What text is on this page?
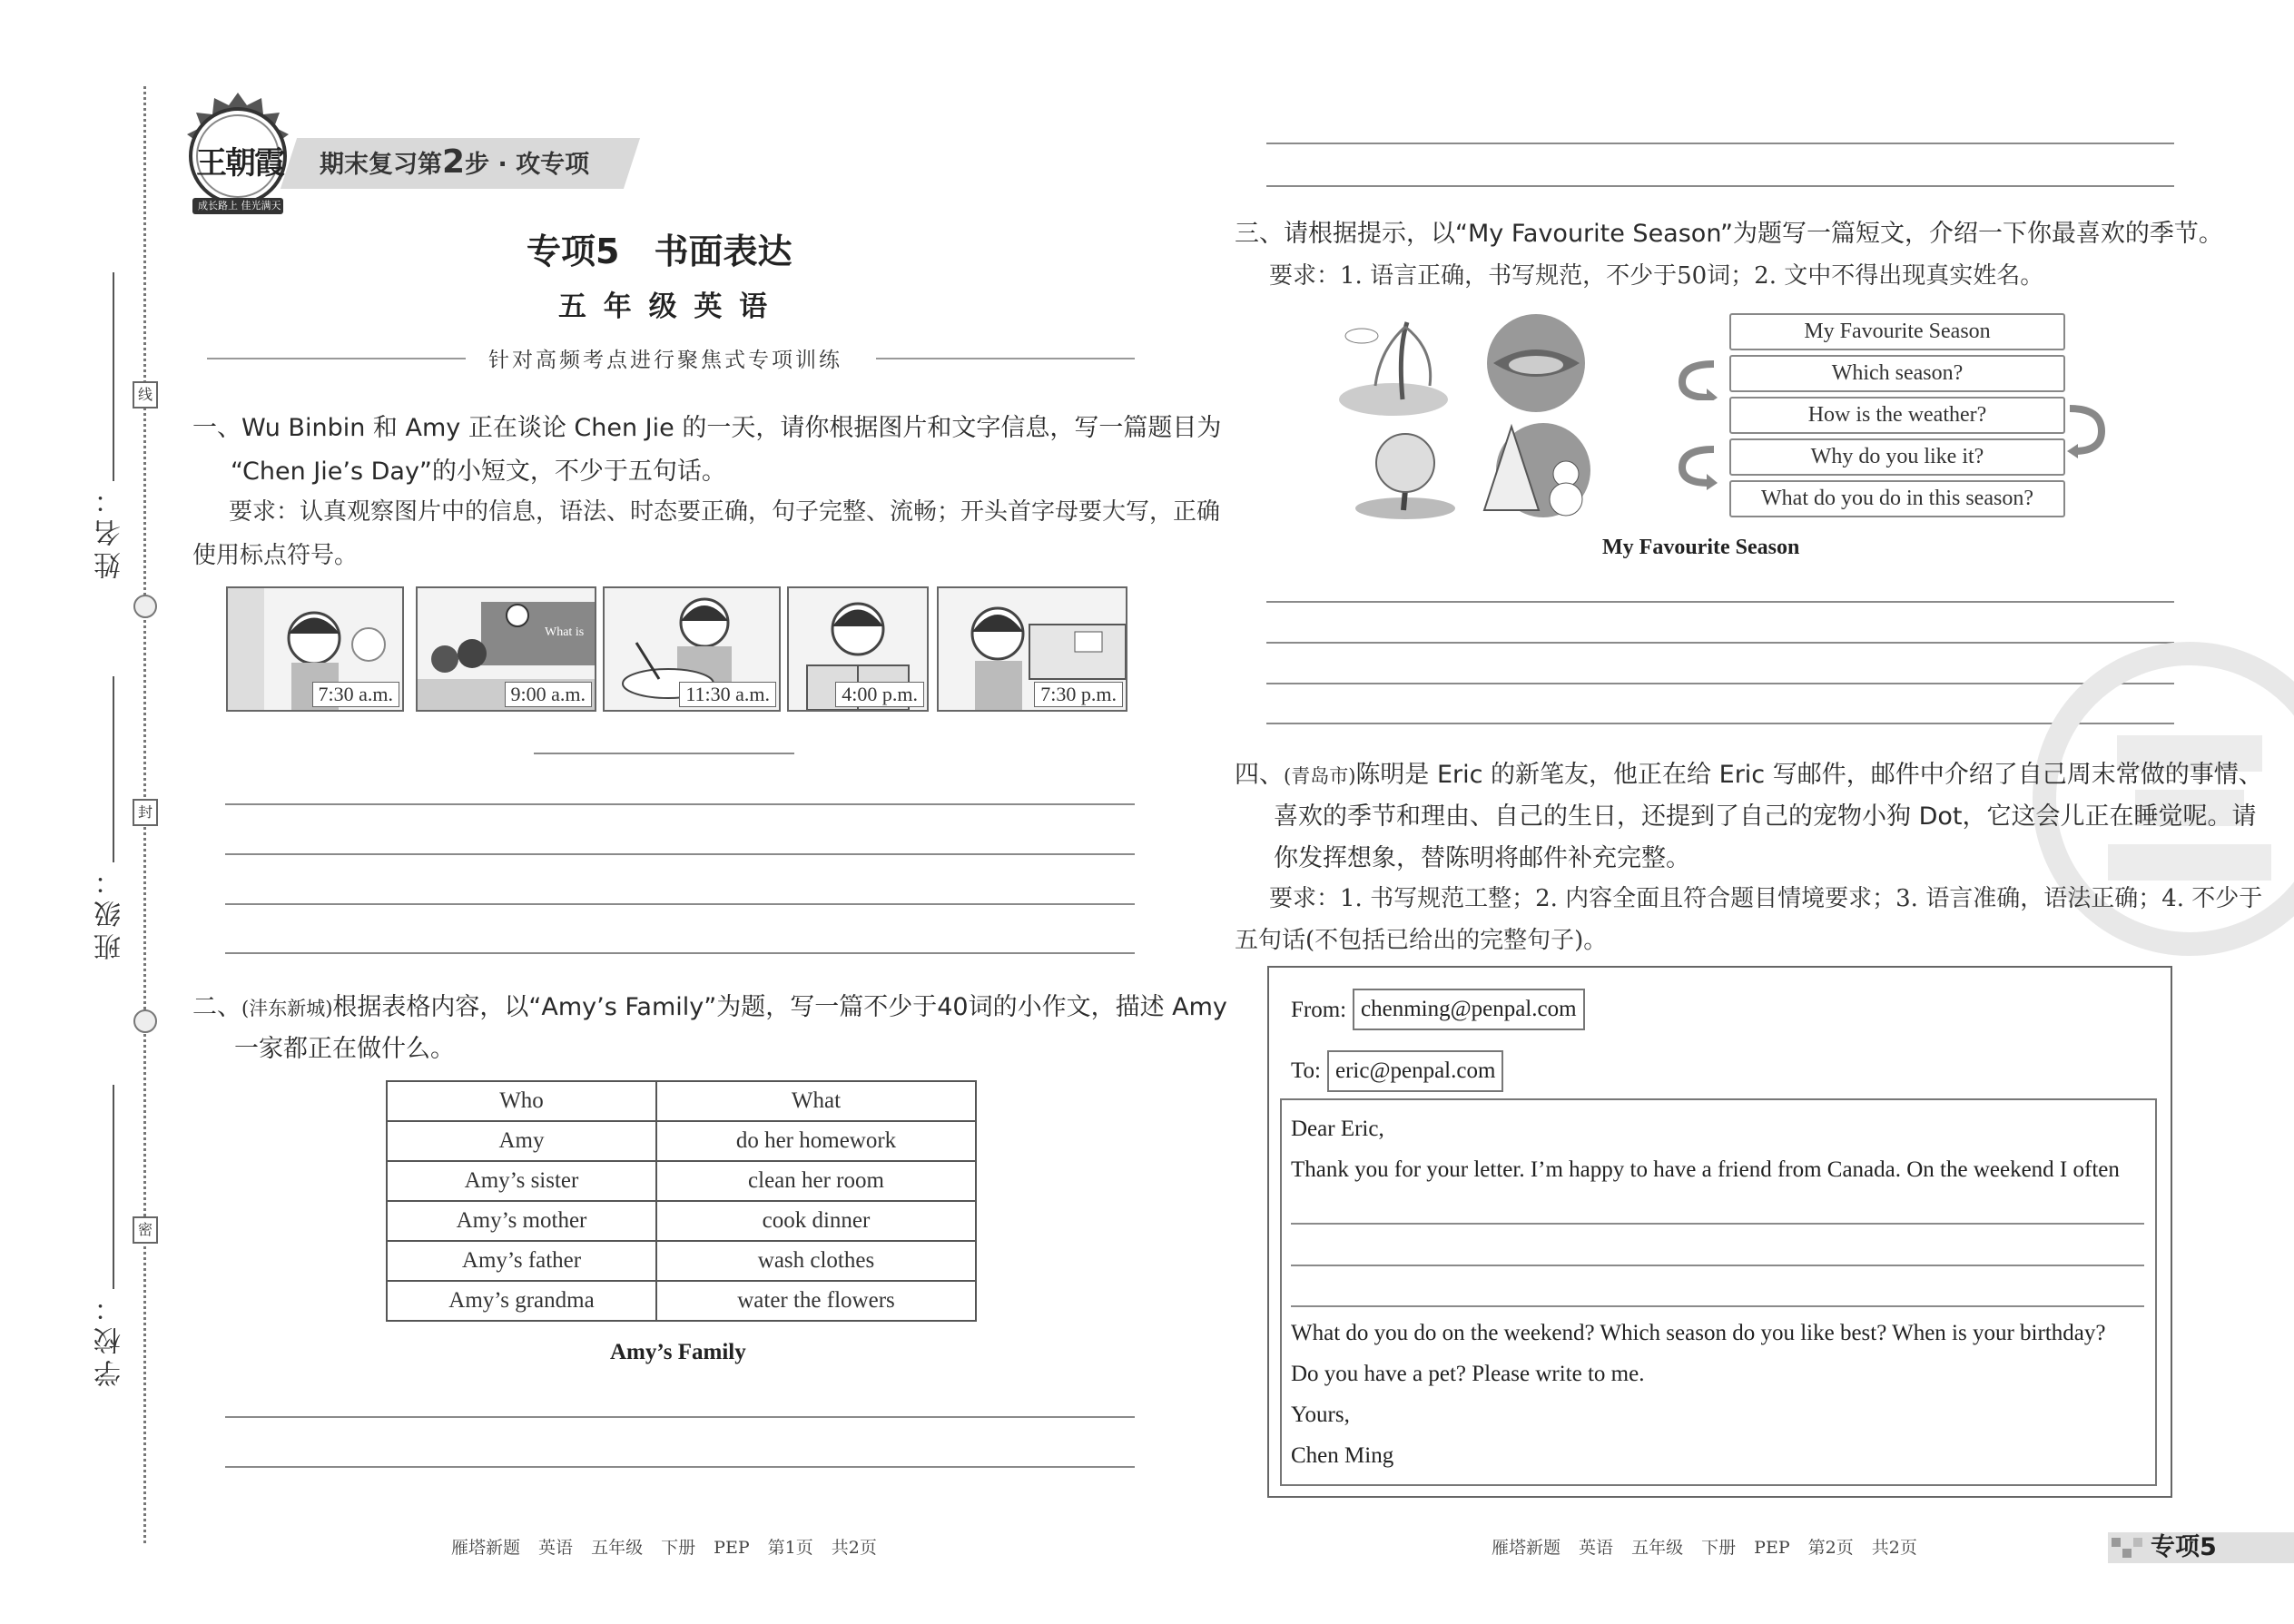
线
封
密
姓名：
班级：
学校：
王朝霞
成长路上 佳光满天
期末复习第2步 · 攻专项
专项5　书面表达
五 年 级 英 语
针对高频考点进行聚焦式专项训练
一、Wu Binbin 和 Amy 正在谈论 Chen Jie 的一天，请你根据图片和文字信息，写一篇题目为
“Chen Jie’s Day”的小短文，不少于五句话。
要求：认真观察图片中的信息，语法、时态要正确，句子完整、流畅；开头首字母要大写，正确
使用标点符号。
7:30 a.m.
What is
9:00 a.m.	11:30 a.m.	4:00 p.m.	7:30 p.m.
二、(沣东新城)根据表格内容，以“Amy’s Family”为题，写一篇不少于40词的小作文，描述 Amy
一家都正在做什么。
Who	What
Amy	do her homework
Amy’s sister	clean her room
Amy’s mother	cook dinner
Amy’s father	wash clothes
Amy’s grandma	water the flowers
Amy’s Family
雁塔新题 英语 五年级 下册 PEP 第1页 共2页
三、请根据提示，以“My Favourite Season”为题写一篇短文，介绍一下你最喜欢的季节。
要求：1. 语言正确，书写规范，不少于50词；2. 文中不得出现真实姓名。
My Favourite Season
Which season?
How is the weather?
Why do you like it?
What do you do in this season?
My Favourite Season
四、(青岛市)陈明是 Eric 的新笔友，他正在给 Eric 写邮件，邮件中介绍了自己周末常做的事情、
喜欢的季节和理由、自己的生日，还提到了自己的宠物小狗 Dot，它这会儿正在睡觉呢。请
你发挥想象，替陈明将邮件补充完整。
要求：1. 书写规范工整；2. 内容全面且符合题目情境要求；3. 语言准确，语法正确；4. 不少于
五句话(不包括已给出的完整句子)。
From: chenming@penpal.com
To: eric@penpal.com
Dear Eric,
Thank you for your letter. I’m happy to have a friend from Canada. On the weekend I often
What do you do on the weekend? Which season do you like best? When is your birthday?
Do you have a pet? Please write to me.
Yours,
Chen Ming
雁塔新题 英语 五年级 下册 PEP 第2页 共2页	专项5
